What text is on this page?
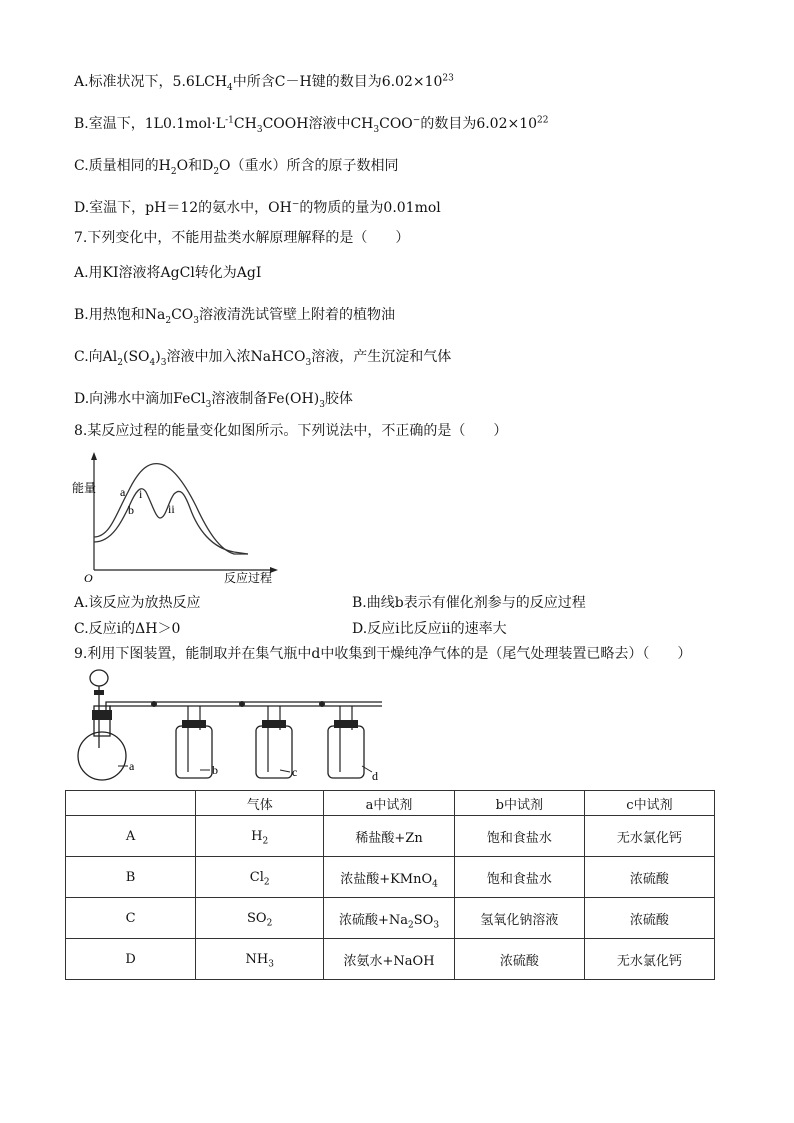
A.标准状况下，$5.6LCH_4$中所含C－H键的数目为$6.02\times 10^{23}$
B.室温下，$1L0.1mol\cdot L^{-1}CH_3COOH$溶液中$CH_3COO^-$的数目为$6.02\times 10^{22}$
C.质量相同的$H_2O$和$D_2O$（重水）所含的原子数相同
D.室温下，pH＝12的氨水中，OH−的物质的量为0.01mol
7.下列变化中，不能用盐类水解原理解释的是（　　）
A.用KI溶液将AgCl转化为AgI
B.用热饱和$Na_2CO_3$溶液清洗试管壁上附着的植物油
C.向$Al_2(SO_4)_3$溶液中加入浓NaHCO$_3$溶液，产生沉淀和气体
D.向沸水中滴加FeCl$_3$溶液制备$Fe(OH)_3$胶体
8.某反应过程的能量变化如图所示。下列说法中，不正确的是（　　）
能量
反应过程
O
a
b
i
ii
A.该反应为放热反应	B.曲线b表示有催化剂参与的反应过程
C.反应ⅰ的ΔH＞0	D.反应ⅰ比反应ⅱ的速率大
9.利用下图装置，能制取并在集气瓶中d中收集到干燥纯净气体的是（尾气处理装置已略去）（　　）
a	b	c	d
	气体	a中试剂	b中试剂	c中试剂
A	$H_2$	稀盐酸+Zn	饱和食盐水	无水氯化钙
B	$Cl_2$	浓盐酸+KMnO$_4$	饱和食盐水	浓硫酸
C	$SO_2$	浓硫酸$+Na_2SO_3$	氢氧化钠溶液	浓硫酸
D	$NH_3$	浓氨水+NaOH	浓硫酸	无水氯化钙
